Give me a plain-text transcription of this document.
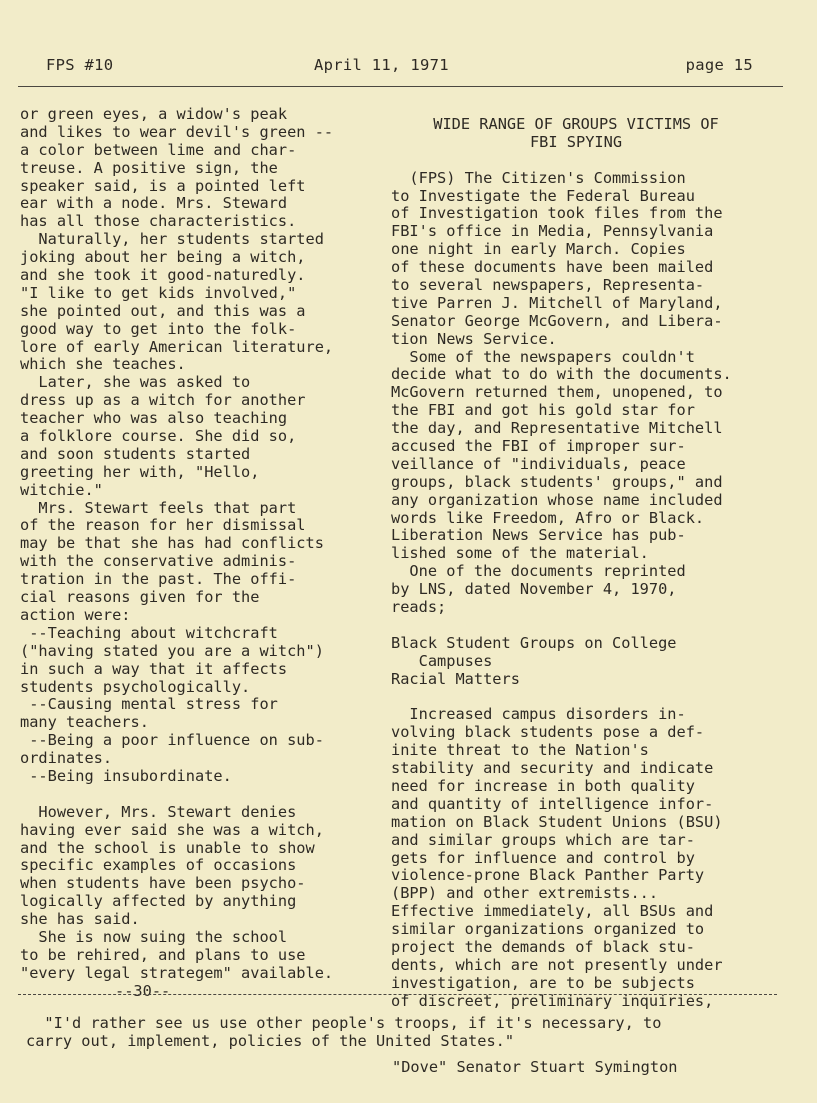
FPS #10	April 11, 1971	page 15
or green eyes, a widow's peak
and likes to wear devil's green --
a color between lime and char-
treuse. A positive sign, the
speaker said, is a pointed left
ear with a node. Mrs. Steward
has all those characteristics.
Naturally, her students started
joking about her being a witch,
and she took it good-naturedly.
"I like to get kids involved,"
she pointed out, and this was a
good way to get into the folk-
lore of early American literature,
which she teaches.
Later, she was asked to
dress up as a witch for another
teacher who was also teaching
a folklore course. She did so,
and soon students started
greeting her with, "Hello,
witchie."
Mrs. Stewart feels that part
of the reason for her dismissal
may be that she has had conflicts
with the conservative adminis-
tration in the past. The offi-
cial reasons given for the
action were:
--Teaching about witchcraft
("having stated you are a witch")
in such a way that it affects
students psychologically.
--Causing mental stress for
many teachers.
--Being a poor influence on sub-
ordinates.
--Being insubordinate.
However, Mrs. Stewart denies
having ever said she was a witch,
and the school is unable to show
specific examples of occasions
when students have been psycho-
logically affected by anything
she has said.
She is now suing the school
to be rehired, and plans to use
"every legal strategem" available.
--30--
WIDE RANGE OF GROUPS VICTIMS OF
FBI SPYING
(FPS) The Citizen's Commission
to Investigate the Federal Bureau
of Investigation took files from the
FBI's office in Media, Pennsylvania
one night in early March. Copies
of these documents have been mailed
to several newspapers, Representa-
tive Parren J. Mitchell of Maryland,
Senator George McGovern, and Libera-
tion News Service.
Some of the newspapers couldn't
decide what to do with the documents.
McGovern returned them, unopened, to
the FBI and got his gold star for
the day, and Representative Mitchell
accused the FBI of improper sur-
veillance of "individuals, peace
groups, black students' groups," and
any organization whose name included
words like Freedom, Afro or Black.
Liberation News Service has pub-
lished some of the material.
One of the documents reprinted
by LNS, dated November 4, 1970,
reads;
Black Student Groups on College
Campuses
Racial Matters
Increased campus disorders in-
volving black students pose a def-
inite threat to the Nation's
stability and security and indicate
need for increase in both quality
and quantity of intelligence infor-
mation on Black Student Unions (BSU)
and similar groups which are tar-
gets for influence and control by
violence-prone Black Panther Party
(BPP) and other extremists...
Effective immediately, all BSUs and
similar organizations organized to
project the demands of black stu-
dents, which are not presently under
investigation, are to be subjects
of discreet, preliminary inquiries,
"I'd rather see us use other people's troops, if it's necessary, to
carry out, implement, policies of the United States."
"Dove" Senator Stuart Symington
